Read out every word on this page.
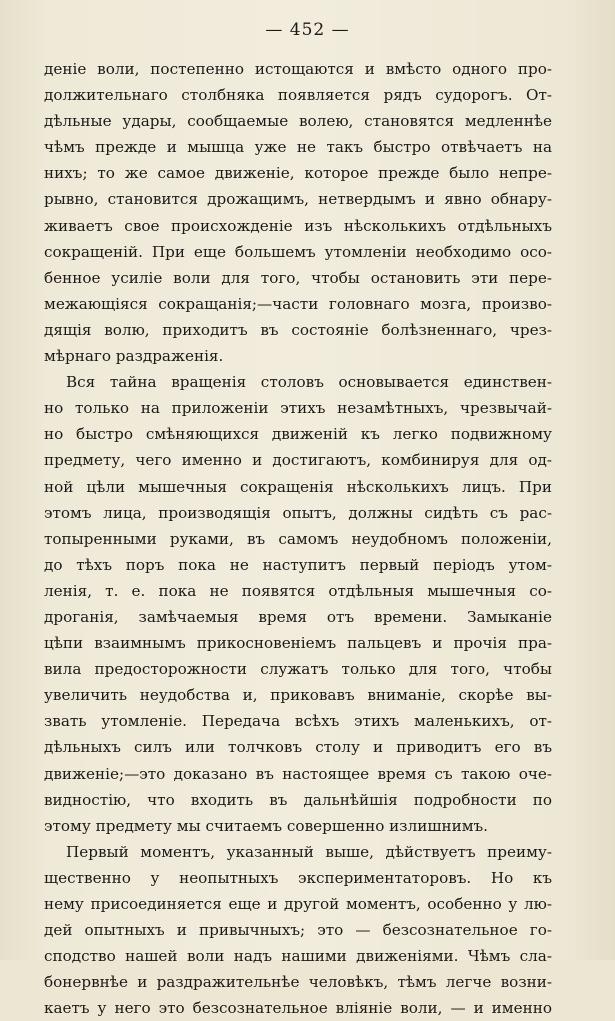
— 452 —
деніе воли, постепенно истощаются и вмѣсто одного про-
должительнаго столбняка появляется рядъ судорогъ. От-
дѣльные удары, сообщаемые волею, становятся медленнѣе
чѣмъ прежде и мышца уже не такъ быстро отвѣчаетъ на
нихъ; то же самое движеніе, которое прежде было непре-
рывно, становится дрожащимъ, нетвердымъ и явно обнару-
живаетъ свое происхожденіе изъ нѣсколькихъ отдѣльныхъ
сокращеній. При еще большемъ утомленіи необходимо осо-
бенное усиліе воли для того, чтобы остановить эти пере-
межающіяся сокращанія;—части головнаго мозга, произво-
дящія волю, приходитъ въ состояніе болѣзненнаго, чрез-
мѣрнаго раздраженія.
Вся тайна вращенія столовъ основывается единствен-
но только на приложеніи этихъ незамѣтныхъ, чрезвычай-
но быстро смѣняющихся движеній къ легко подвижному
предмету, чего именно и достигаютъ, комбинируя для од-
ной цѣли мышечныя сокращенія нѣсколькихъ лицъ. При
этомъ лица, производящія опытъ, должны сидѣть съ рас-
топыренными руками, въ самомъ неудобномъ положеніи,
до тѣхъ поръ пока не наступитъ первый періодъ утом-
ленія, т. е. пока не появятся отдѣльныя мышечныя со-
дроганія, замѣчаемыя время отъ времени. Замыканіе
цѣпи взаимнымъ прикосновеніемъ пальцевъ и прочія пра-
вила предосторожности служатъ только для того, чтобы
увеличить неудобства и, приковавъ вниманіе, скорѣе вы-
звать утомленіе. Передача всѣхъ этихъ маленькихъ, от-
дѣльныхъ силъ или толчковъ столу и приводитъ его въ
движеніе;—это доказано въ настоящее время съ такою оче-
видностію, что входить въ дальнѣйшія подробности по
этому предмету мы считаемъ совершенно излишнимъ.
Первый моментъ, указанный выше, дѣйствуетъ преиму-
щественно у неопытныхъ экспериментаторовъ. Но къ
нему присоединяется еще и другой моментъ, особенно у лю-
дей опытныхъ и привычныхъ; это — безсознательное го-
сподство нашей воли надъ нашими движеніями. Чѣмъ сла-
бонервнѣе и раздражительнѣе человѣкъ, тѣмъ легче возни-
каетъ у него это безсознательное вліяніе воли, — и именно
